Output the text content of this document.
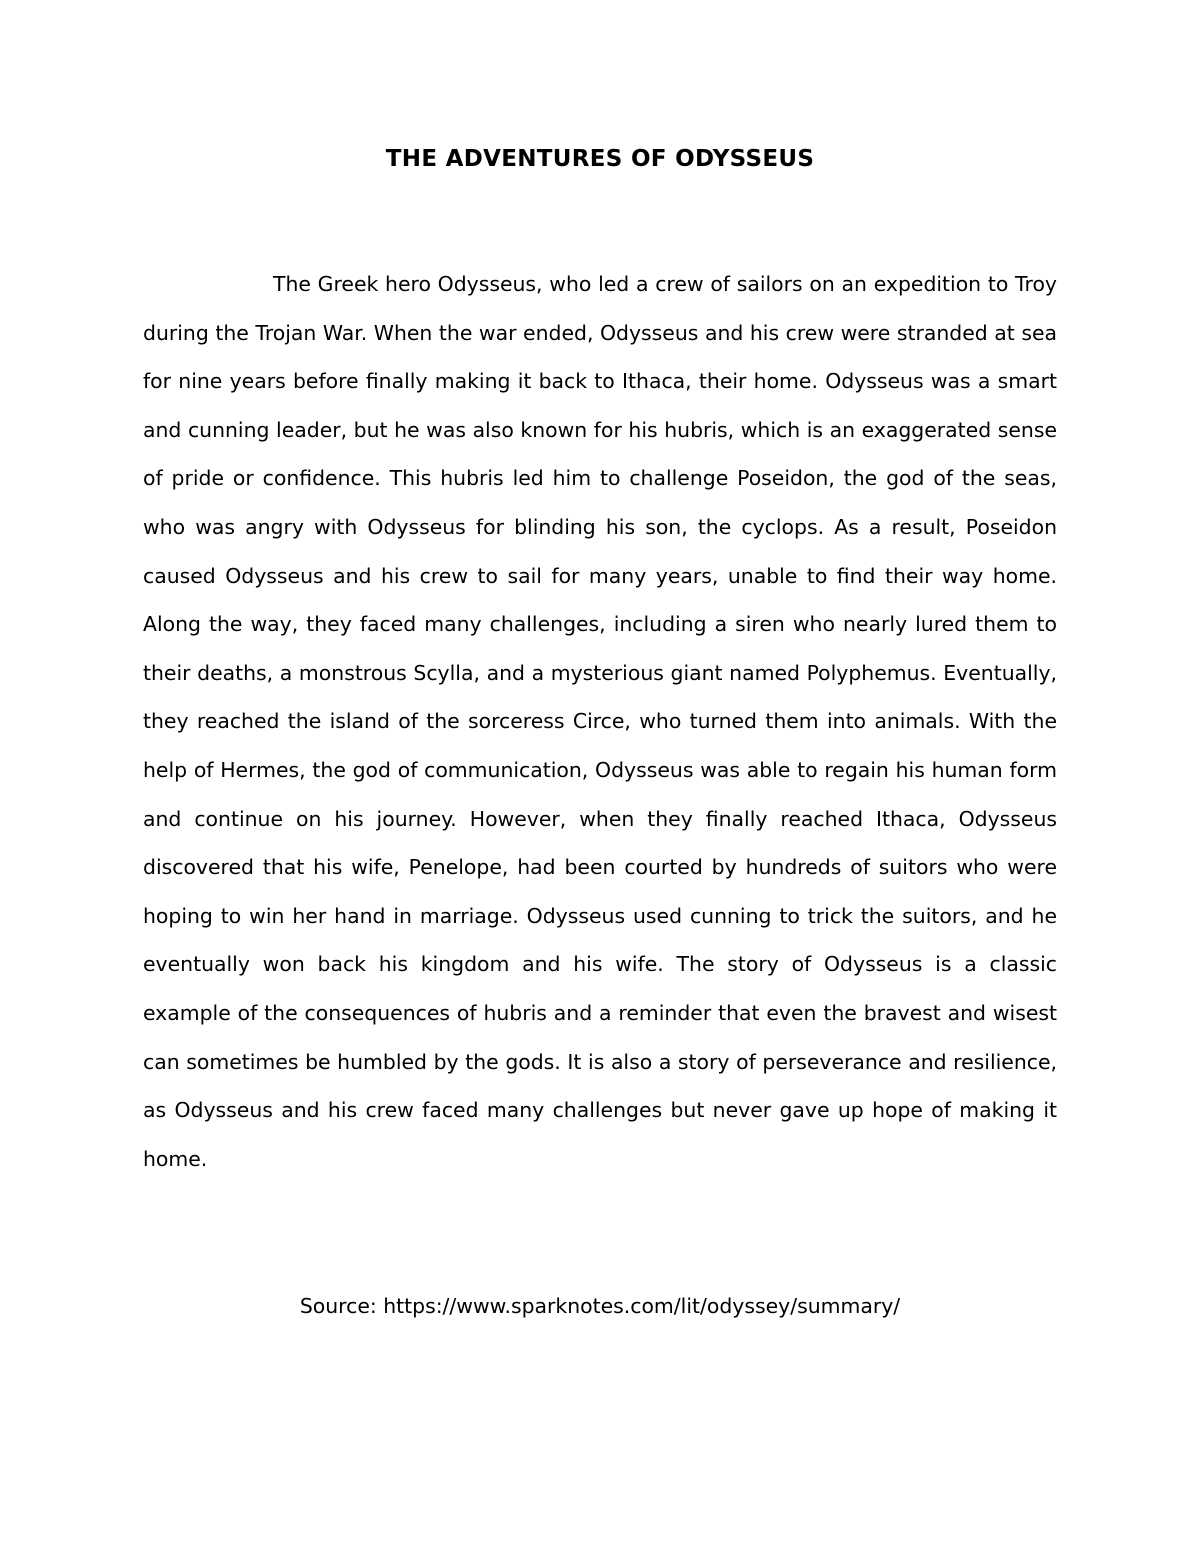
THE ADVENTURES OF ODYSSEUS

The Greek hero Odysseus, who led a crew of sailors on an expedition to Troy during the Trojan War. When the war ended, Odysseus and his crew were stranded at sea for nine years before finally making it back to Ithaca, their home. Odysseus was a smart and cunning leader, but he was also known for his hubris, which is an exaggerated sense of pride or confidence. This hubris led him to challenge Poseidon, the god of the seas, who was angry with Odysseus for blinding his son, the cyclops. As a result, Poseidon caused Odysseus and his crew to sail for many years, unable to find their way home. Along the way, they faced many challenges, including a siren who nearly lured them to their deaths, a monstrous Scylla, and a mysterious giant named Polyphemus. Eventually, they reached the island of the sorceress Circe, who turned them into animals. With the help of Hermes, the god of communication, Odysseus was able to regain his human form and continue on his journey. However, when they finally reached Ithaca, Odysseus discovered that his wife, Penelope, had been courted by hundreds of suitors who were hoping to win her hand in marriage. Odysseus used cunning to trick the suitors, and he eventually won back his kingdom and his wife. The story of Odysseus is a classic example of the consequences of hubris and a reminder that even the bravest and wisest can sometimes be humbled by the gods. It is also a story of perseverance and resilience, as Odysseus and his crew faced many challenges but never gave up hope of making it home.

Source: https://www.sparknotes.com/lit/odyssey/summary/
